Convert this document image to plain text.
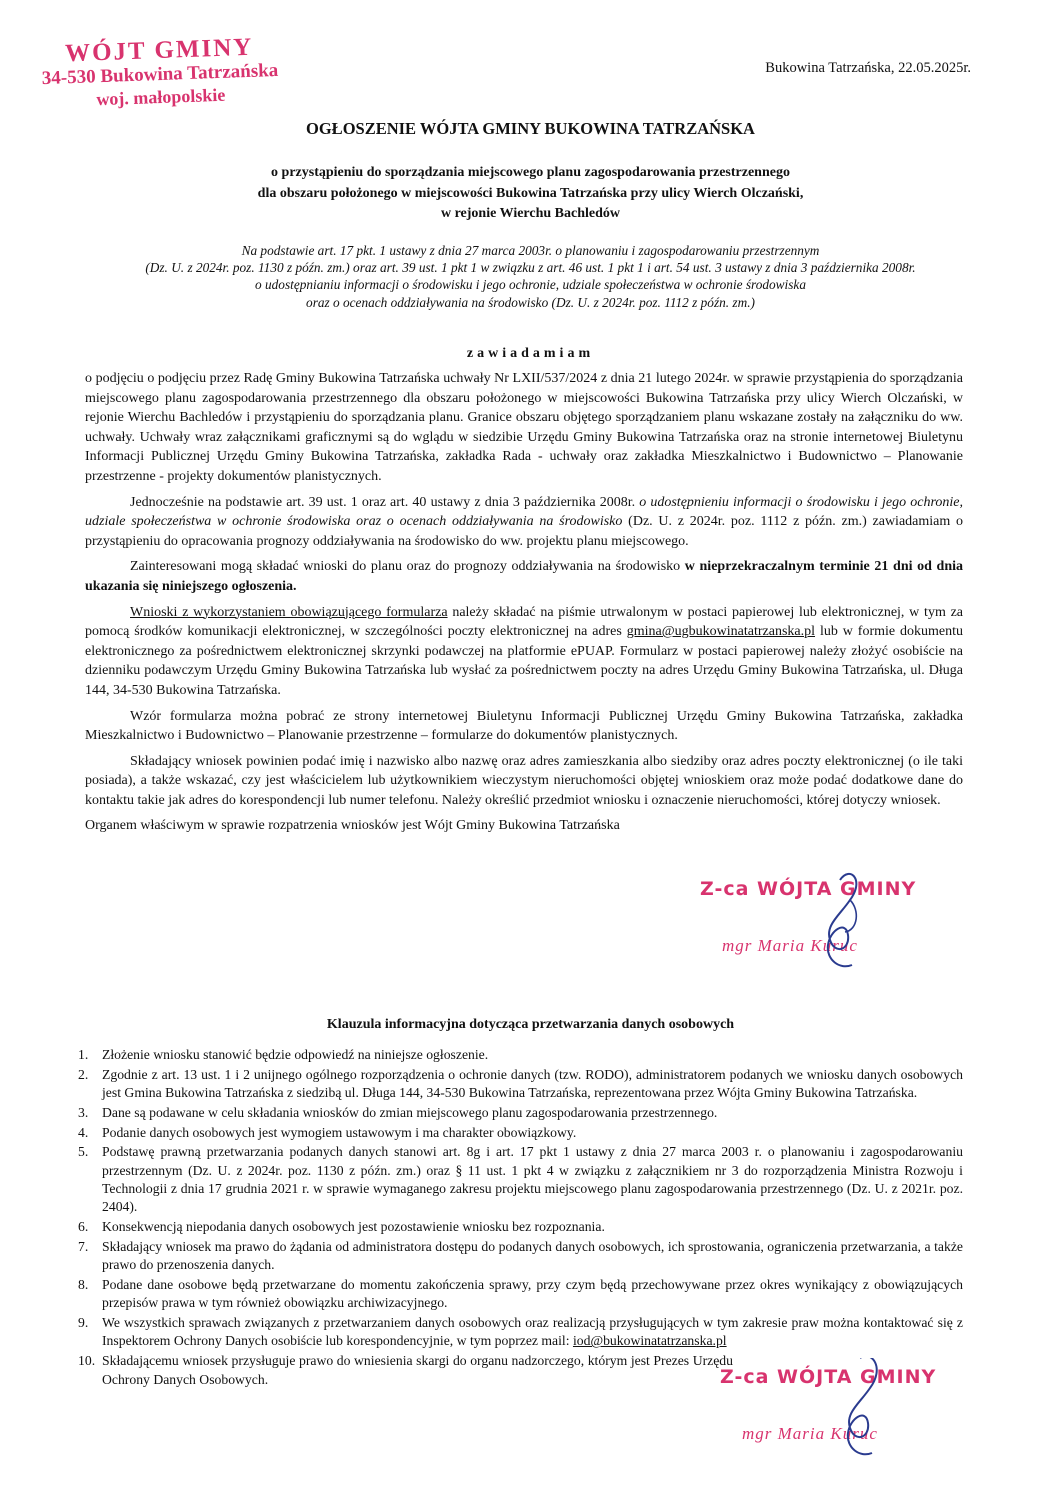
WÓJT GMINY
34-530 Bukowina Tatrzańska
woj. małopolskie
Bukowina Tatrzańska, 22.05.2025r.
OGŁOSZENIE WÓJTA GMINY BUKOWINA TATRZAŃSKA
o przystąpieniu do sporządzania miejscowego planu zagospodarowania przestrzennego
dla obszaru położonego w miejscowości Bukowina Tatrzańska przy ulicy Wierch Olczański,
w rejonie Wierchu Bachledów
Na podstawie art. 17 pkt. 1 ustawy z dnia 27 marca 2003r. o planowaniu i zagospodarowaniu przestrzennym
(Dz. U. z 2024r. poz. 1130 z późn. zm.) oraz art. 39 ust. 1 pkt 1 w związku z art. 46 ust. 1 pkt 1 i art. 54 ust. 3 ustawy z dnia 3 października 2008r.
o udostępnianiu informacji o środowisku i jego ochronie, udziale społeczeństwa w ochronie środowiska
oraz o ocenach oddziaływania na środowisko (Dz. U. z 2024r. poz. 1112 z późn. zm.)
zawiadamiam

o podjęciu o podjęciu przez Radę Gminy Bukowina Tatrzańska uchwały Nr LXII/537/2024 z dnia 21 lutego 2024r. w sprawie przystąpienia do sporządzania miejscowego planu zagospodarowania przestrzennego dla obszaru położonego w miejscowości Bukowina Tatrzańska przy ulicy Wierch Olczański, w rejonie Wierchu Bachledów i przystąpieniu do sporządzania planu. Granice obszaru objętego sporządzaniem planu wskazane zostały na załączniku do ww. uchwały. Uchwały wraz załącznikami graficznymi są do wglądu w siedzibie Urzędu Gminy Bukowina Tatrzańska oraz na stronie internetowej Biuletynu Informacji Publicznej Urzędu Gminy Bukowina Tatrzańska, zakładka Rada - uchwały oraz zakładka Mieszkalnictwo i Budownictwo – Planowanie przestrzenne - projekty dokumentów planistycznych.

Jednocześnie na podstawie art. 39 ust. 1 oraz art. 40 ustawy z dnia 3 października 2008r. o udostępnieniu informacji o środowisku i jego ochronie, udziale społeczeństwa w ochronie środowiska oraz o ocenach oddziaływania na środowisko (Dz. U. z 2024r. poz. 1112 z późn. zm.) zawiadamiam o przystąpieniu do opracowania prognozy oddziaływania na środowisko do ww. projektu planu miejscowego.

Zainteresowani mogą składać wnioski do planu oraz do prognozy oddziaływania na środowisko w nieprzekraczalnym terminie 21 dni od dnia ukazania się niniejszego ogłoszenia.

Wnioski z wykorzystaniem obowiązującego formularza należy składać na piśmie utrwalonym w postaci papierowej lub elektronicznej, w tym za pomocą środków komunikacji elektronicznej, w szczególności poczty elektronicznej na adres gmina@ugbukowinatatrzanska.pl lub w formie dokumentu elektronicznego za pośrednictwem elektronicznej skrzynki podawczej na platformie ePUAP. Formularz w postaci papierowej należy złożyć osobiście na dzienniku podawczym Urzędu Gminy Bukowina Tatrzańska lub wysłać za pośrednictwem poczty na adres Urzędu Gminy Bukowina Tatrzańska, ul. Długa 144, 34-530 Bukowina Tatrzańska.

Wzór formularza można pobrać ze strony internetowej Biuletynu Informacji Publicznej Urzędu Gminy Bukowina Tatrzańska, zakładka Mieszkalnictwo i Budownictwo – Planowanie przestrzenne – formularze do dokumentów planistycznych.

Składający wniosek powinien podać imię i nazwisko albo nazwę oraz adres zamieszkania albo siedziby oraz adres poczty elektronicznej (o ile taki posiada), a także wskazać, czy jest właścicielem lub użytkownikiem wieczystym nieruchomości objętej wnioskiem oraz może podać dodatkowe dane do kontaktu takie jak adres do korespondencji lub numer telefonu. Należy określić przedmiot wniosku i oznaczenie nieruchomości, której dotyczy wniosek.

Organem właściwym w sprawie rozpatrzenia wniosków jest Wójt Gminy Bukowina Tatrzańska

Z-ca WÓJTA GMINY
mgr Maria Kuruc
Klauzula informacyjna dotycząca przetwarzania danych osobowych
1.	Złożenie wniosku stanowić będzie odpowiedź na niniejsze ogłoszenie.
2.	Zgodnie z art. 13 ust. 1 i 2 unijnego ogólnego rozporządzenia o ochronie danych (tzw. RODO), administratorem podanych we wniosku danych osobowych jest Gmina Bukowina Tatrzańska z siedzibą ul. Długa 144, 34-530 Bukowina Tatrzańska, reprezentowana przez Wójta Gminy Bukowina Tatrzańska.
3.	Dane są podawane w celu składania wniosków do zmian miejscowego planu zagospodarowania przestrzennego.
4.	Podanie danych osobowych jest wymogiem ustawowym i ma charakter obowiązkowy.
5.	Podstawę prawną przetwarzania podanych danych stanowi art. 8g i art. 17 pkt 1 ustawy z dnia 27 marca 2003 r. o planowaniu i zagospodarowaniu przestrzennym (Dz. U. z 2024r. poz. 1130 z późn. zm.) oraz § 11 ust. 1 pkt 4 w związku z załącznikiem nr 3 do rozporządzenia Ministra Rozwoju i Technologii z dnia 17 grudnia 2021 r. w sprawie wymaganego zakresu projektu miejscowego planu zagospodarowania przestrzennego (Dz. U. z 2021r. poz. 2404).
6.	Konsekwencją niepodania danych osobowych jest pozostawienie wniosku bez rozpoznania.
7.	Składający wniosek ma prawo do żądania od administratora dostępu do podanych danych osobowych, ich sprostowania, ograniczenia przetwarzania, a także prawo do przenoszenia danych.
8.	Podane dane osobowe będą przetwarzane do momentu zakończenia sprawy, przy czym będą przechowywane przez okres wynikający z obowiązujących przepisów prawa w tym również obowiązku archiwizacyjnego.
9.	We wszystkich sprawach związanych z przetwarzaniem danych osobowych oraz realizacją przysługujących w tym zakresie praw można kontaktować się z Inspektorem Ochrony Danych osobiście lub korespondencyjnie, w tym poprzez mail: iod@bukowinatatrzanska.pl
10. Składającemu wniosek przysługuje prawo do wniesienia skargi do organu nadzorczego, którym jest Prezes Urzędu Ochrony Danych Osobowych.	Z-ca WÓJTA GMINY
mgr Maria Kuruc
